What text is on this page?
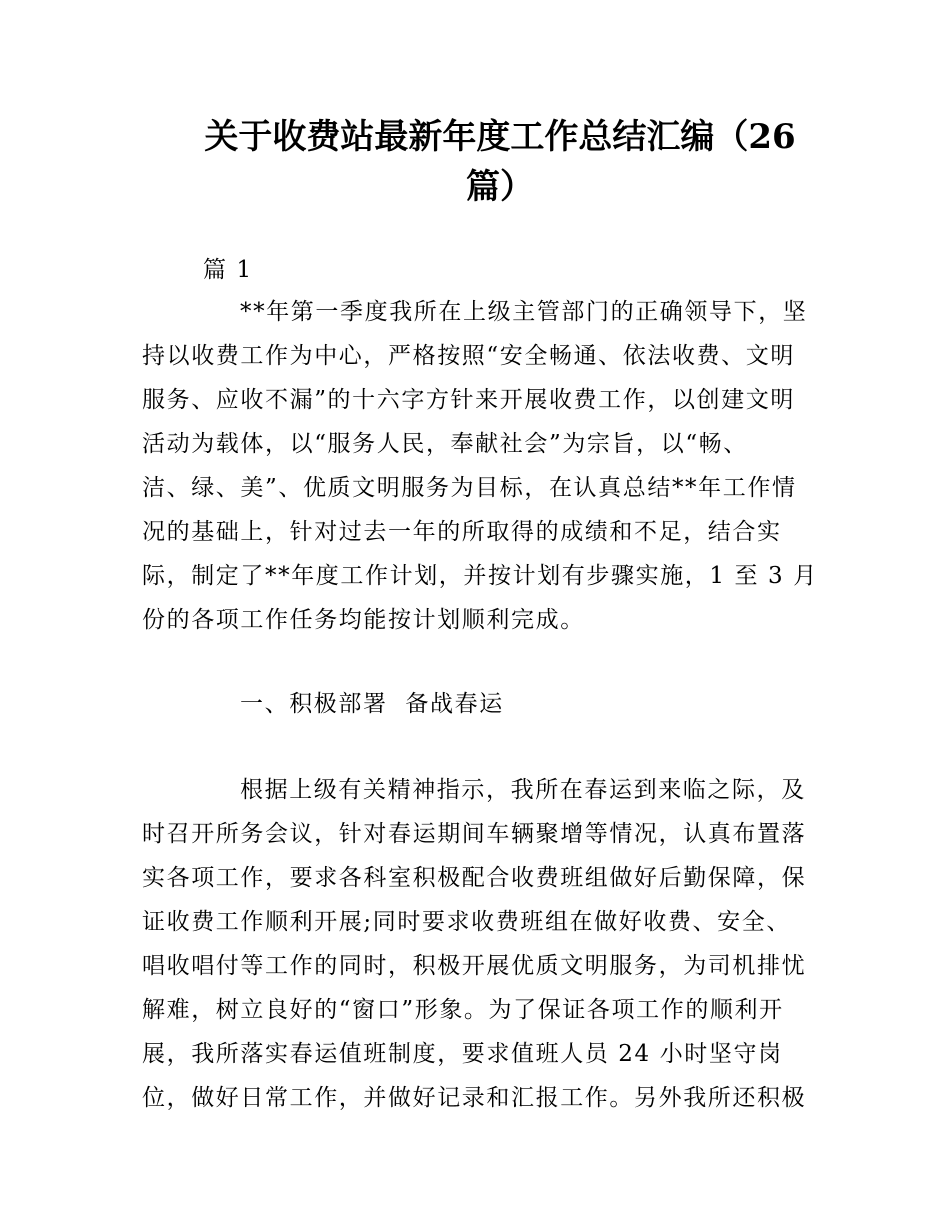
关于收费站最新年度工作总结汇编（26
篇）

篇 1

**年第一季度我所在上级主管部门的正确领导下，坚
持以收费工作为中心，严格按照“安全畅通、依法收费、文明
服务、应收不漏”的十六字方针来开展收费工作，以创建文明
活动为载体，以“服务人民，奉献社会”为宗旨，以“畅、
洁、绿、美”、优质文明服务为目标，在认真总结**年工作情
况的基础上，针对过去一年的所取得的成绩和不足，结合实
际，制定了**年度工作计划，并按计划有步骤实施，1 至 3 月
份的各项工作任务均能按计划顺利完成。

一、积极部署  备战春运

根据上级有关精神指示，我所在春运到来临之际，及
时召开所务会议，针对春运期间车辆聚增等情况，认真布置落
实各项工作，要求各科室积极配合收费班组做好后勤保障，保
证收费工作顺利开展;同时要求收费班组在做好收费、安全、
唱收唱付等工作的同时，积极开展优质文明服务，为司机排忧
解难，树立良好的“窗口”形象。为了保证各项工作的顺利开
展，我所落实春运值班制度，要求值班人员 24 小时坚守岗
位，做好日常工作，并做好记录和汇报工作。另外我所还积极
